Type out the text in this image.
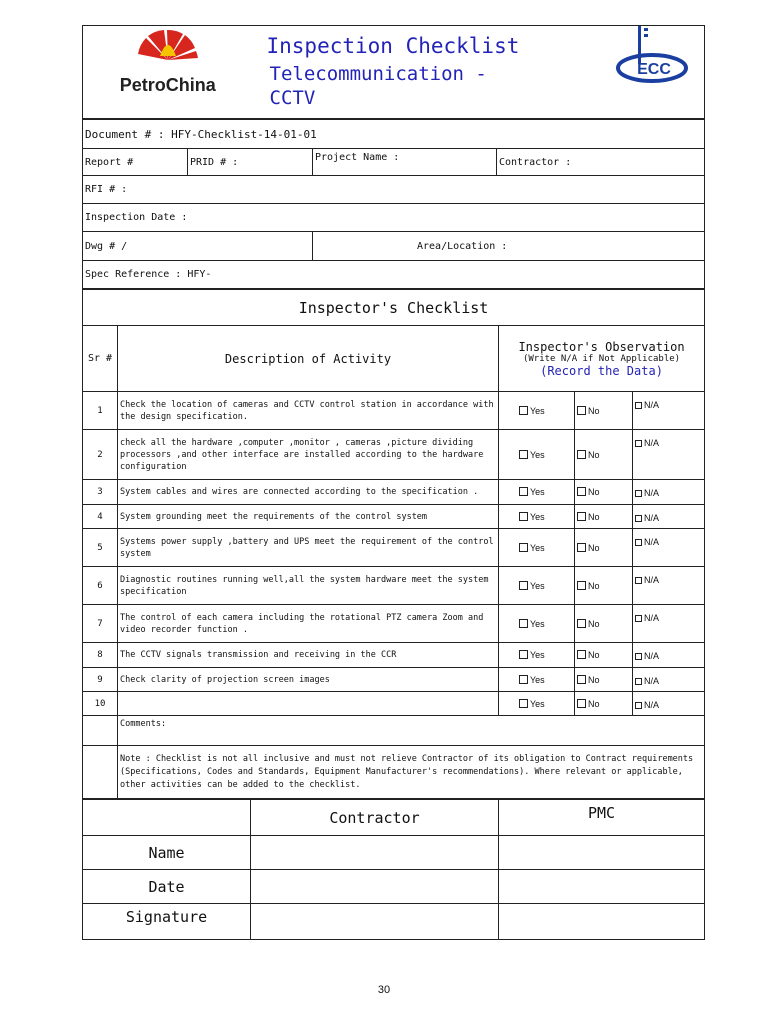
PetroChina

Inspection Checklist
Telecommunication -
CCTV

ECC
Document # : HFY-Checklist-14-01-01			
Report #	PRID # :	Project Name :	Contractor :
RFI # :			
Inspection Date :			
Dwg # /		Area/Location :	
Spec Reference : HFY-			
Inspector's Checklist				
Sr #	Description of Activity	Inspector's Observation
(Write N/A if Not Applicable)
(Record the Data)		

1	Check the location of cameras and CCTV control station in accordance with the design specification.	Yes	No	N/A
2	check all the hardware ,computer ,monitor , cameras ,picture dividing processors ,and other interface are installed according to the hardware configuration	Yes	No	N/A
3	System cables and wires are connected according to the specification .	Yes	No	N/A
4	System grounding meet the requirements of the control system	Yes	No	N/A
5	Systems power supply ,battery and UPS meet the requirement of the control system	Yes	No	N/A
6	Diagnostic routines running well,all the system hardware meet the system specification	Yes	No	N/A
7	The control of each camera including the rotational PTZ camera Zoom and video recorder function .	Yes	No	N/A
8	The CCTV signals transmission and receiving in the CCR	Yes	No	N/A
9	Check clarity of projection screen images	Yes	No	N/A
10		Yes	No	N/A
	Comments:			
	Note : Checklist is not all inclusive and must not relieve Contractor of its obligation to Contract requirements (Specifications, Codes and Standards, Equipment Manufacturer's recommendations). Where relevant or applicable, other activities can be added to the checklist.			
	Contractor	PMC
Name		
Date		
Signature		
30
